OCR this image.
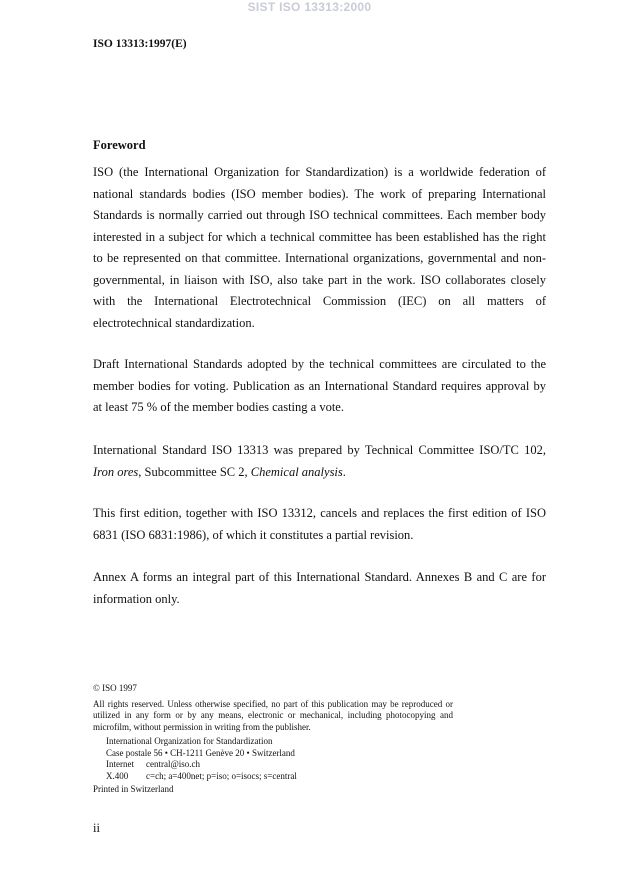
SIST ISO 13313:2000
ISO 13313:1997(E)
Foreword

ISO (the International Organization for Standardization) is a worldwide federation of national standards bodies (ISO member bodies). The work of preparing International Standards is normally carried out through ISO technical committees. Each member body interested in a subject for which a technical committee has been established has the right to be represented on that committee. International organizations, governmental and non-governmental, in liaison with ISO, also take part in the work. ISO collaborates closely with the International Electrotechnical Commission (IEC) on all matters of electrotechnical standardization.

Draft International Standards adopted by the technical committees are circulated to the member bodies for voting. Publication as an International Standard requires approval by at least 75 % of the member bodies casting a vote.

International Standard ISO 13313 was prepared by Technical Committee ISO/TC 102, Iron ores, Subcommittee SC 2, Chemical analysis.

This first edition, together with ISO 13312, cancels and replaces the first edition of ISO 6831 (ISO 6831:1986), of which it constitutes a partial revision.

Annex A forms an integral part of this International Standard. Annexes B and C are for information only.

© ISO 1997

All rights reserved. Unless otherwise specified, no part of this publication may be reproduced or utilized in any form or by any means, electronic or mechanical, including photocopying and microfilm, without permission in writing from the publisher.

International Organization for Standardization

Case postale 56 • CH-1211 Genève 20 • Switzerland

Internet	central@iso.ch
X.400	c=ch; a=400net; p=iso; o=isocs; s=central

Printed in Switzerland

ii
